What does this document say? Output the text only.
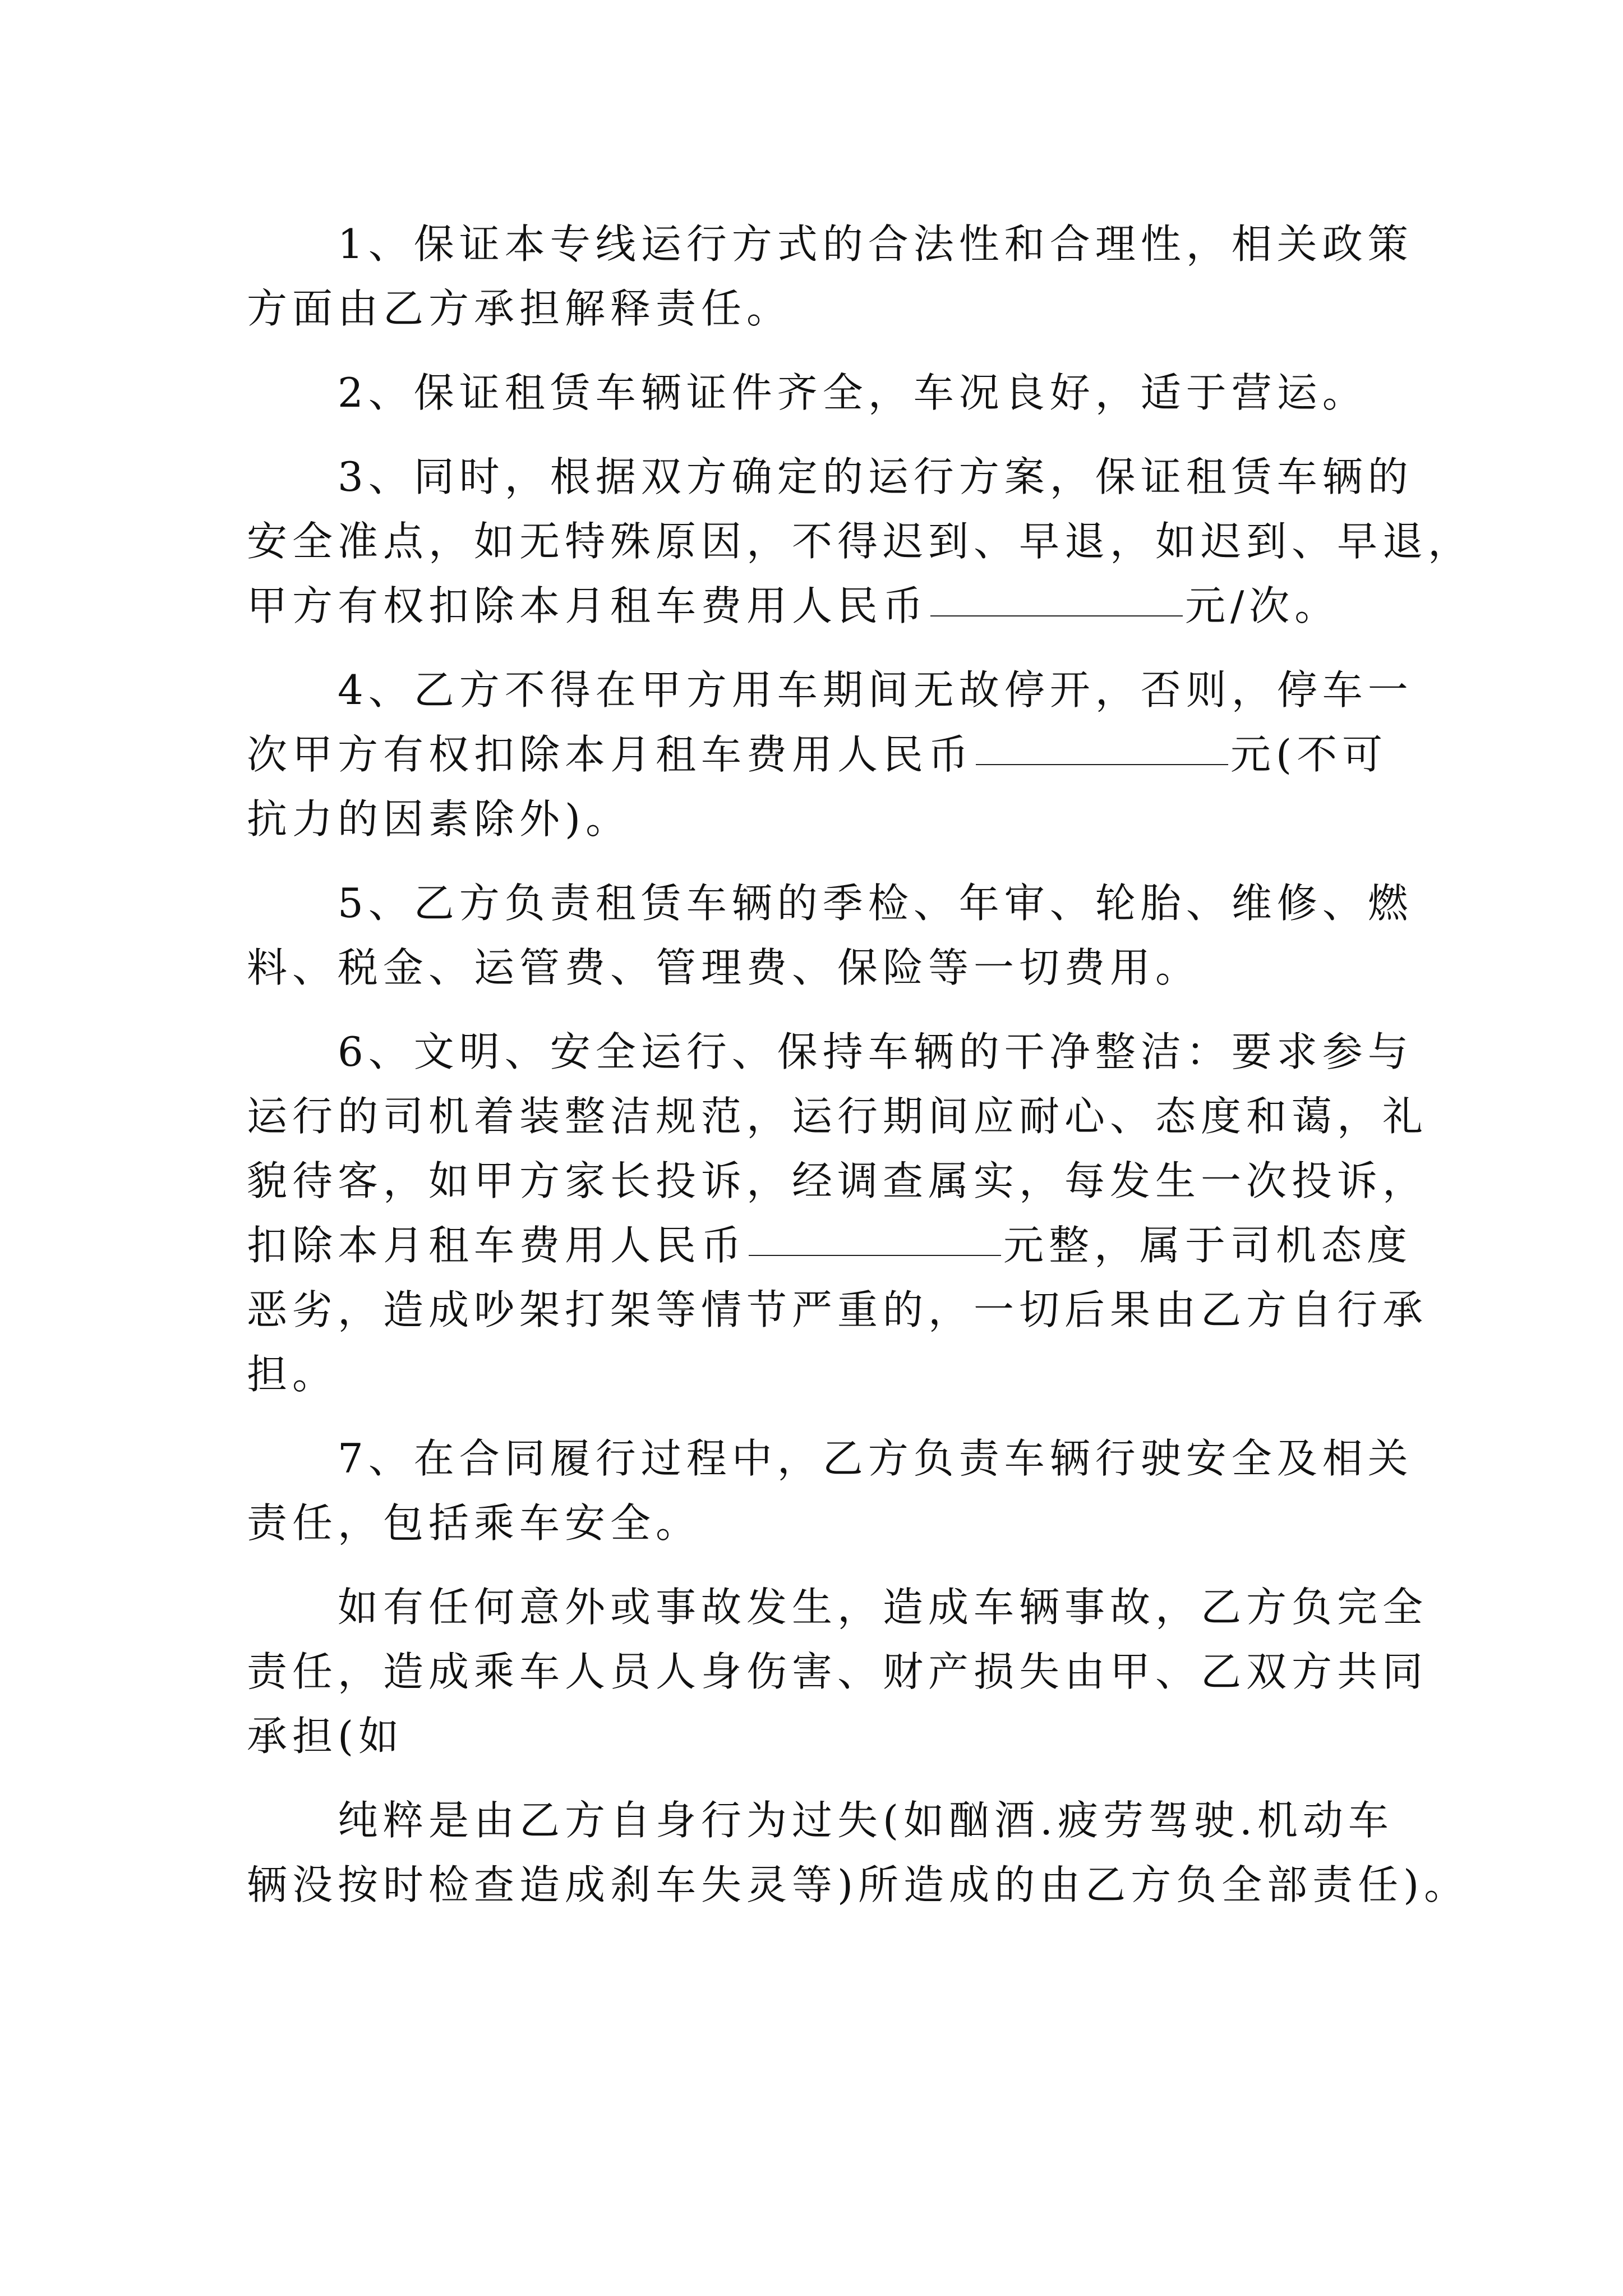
1、保证本专线运行方式的合法性和合理性，相关政策
方面由乙方承担解释责任。
2、保证租赁车辆证件齐全，车况良好，适于营运。
3、同时，根据双方确定的运行方案，保证租赁车辆的
安全准点，如无特殊原因，不得迟到、早退，如迟到、早退，
甲方有权扣除本月租车费用人民币	元/次。
4、乙方不得在甲方用车期间无故停开，否则，停车一
次甲方有权扣除本月租车费用人民币	元(不可
抗力的因素除外)。
5、乙方负责租赁车辆的季检、年审、轮胎、维修、燃
料、税金、运管费、管理费、保险等一切费用。
6、文明、安全运行、保持车辆的干净整洁：要求参与
运行的司机着装整洁规范，运行期间应耐心、态度和蔼，礼
貌待客，如甲方家长投诉，经调查属实，每发生一次投诉，
扣除本月租车费用人民币	元整，属于司机态度
恶劣，造成吵架打架等情节严重的，一切后果由乙方自行承
担。
7、在合同履行过程中，乙方负责车辆行驶安全及相关
责任，包括乘车安全。
如有任何意外或事故发生，造成车辆事故，乙方负完全
责任，造成乘车人员人身伤害、财产损失由甲、乙双方共同
承担(如
纯粹是由乙方自身行为过失(如酗酒.疲劳驾驶.机动车
辆没按时检查造成刹车失灵等)所造成的由乙方负全部责任)。
